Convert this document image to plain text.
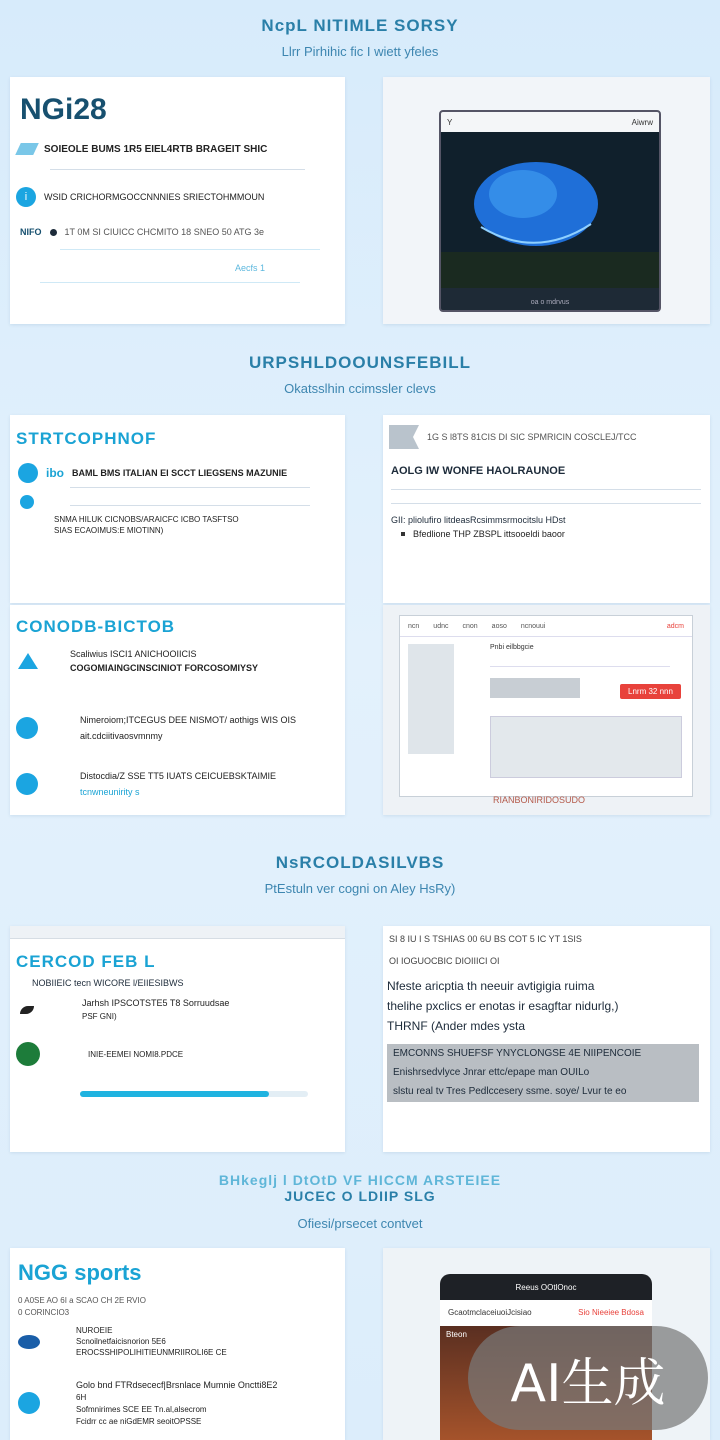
NcpL NITIMLE SORSY
Llrr Pirhihic fic I wiett yfeles
NGi28
SOIEOLE BUMS 1R5 EIEL4RTB BRAGEIT SHIC
i	WSID CRICHORMGOCCNNNIES SRIECTOHMMOUN
NIFO	1T 0M SI CIUICC CHCMITO 18 SNEO 50 ATG 3e
Aecfs 1
Y	Aiwrw
oa o mdrvus
URPSHLDOOUNSFEBILL
Okatsslhin ccimssler clevs
STRTCOPHNOF
ibo BAML BMS ITALIAN EI SCCT LIEGSENS MAZUNIE
SNMA HILUK CICNOBS/ARAICFC ICBO TASFTSO
SIAS ECAOIMUS:E MIOTINN)
1G S l8TS 81CIS DI SIC SPMRICIN COSCLEJ/TCC
AOLG IW WONFE HAOLRAUNOE
GII: pliolufiro litdeasRcsimmsrmocitslu HDst
Bfedlione THP ZBSPL ittsooeldi baoor
CONODB-BICTOB
Scaliwius ISCI1 ANICHOOIICIS
COGOMIAINGCINSCINIOT FORCOSOMIYSY
Nimeroiom;ITCEGUS DEE NISMOT/ aothigs WIS OIS
ait.cdciitivaosvmnmy
Distocdia/Z SSE TT5 IUATS CEICUEBSKTAIMIE
tcnwneunirity s
ncn udnc cnon aoso ncnouui	adcm
Pnbi eilbbgcie
Lnrm 32 nnn
RIANBONIRIDOSUDO
NsRCOLDASILVBS
PtEstuln ver cogni on Aley HsRy)
CERCOD FEB L
NOBIIEIC tecn WICORE l/EIIESIBWS
Jarhsh IPSCOTSTE5 T8 Sorruudsae
PSF GNI)
INIE-EEMEI NOMI8.PDCE
SI 8 IU I S TSHIAS 00 6U BS COT 5 IC YT 1SIS
OI IOGUOCBIC DIOIIICI OI
Nfeste aricptia th neeuir avtigigia ruima
thelihe pxclics er enotas ir esagftar nidurlg,)
THRNF (Ander mdes ysta
EMCONNS SHUEFSF YNYCLONGSE 4E NIIPENCOIE
Enishrsedvlyce Jnrar ettc/epape man OUILo
slstu real tv Tres Pedlccesery ssme. soye/ Lvur te eo
BHkeglj l DtOtD VF HICCM ARSTEIEE
JUCEC O LDIIP SLG
Ofiesi/prsecet contvet
NGG sports
0 A0SE AO 6I a SCAO CH 2E RVIO
0 CORINCIO3
NUROEIE
Scnoilnetfaicisnorion 5E6
EROCSSHIPOLIHITIEUNMRIIROLI6E CE
Golo bnd FTRdsececf|Brsnlace Mumnie Onctti8E2
6H
Sofmnirimes SCE EE Tn.al,alsecrom
Fcidrr cc ae niGdEMR seoitOPSSE
Reeus OOtlOnoc
GcaotmclaceiuoiJcisiao	Sio Nieeiee Bdosa
Bteon
AI生成
